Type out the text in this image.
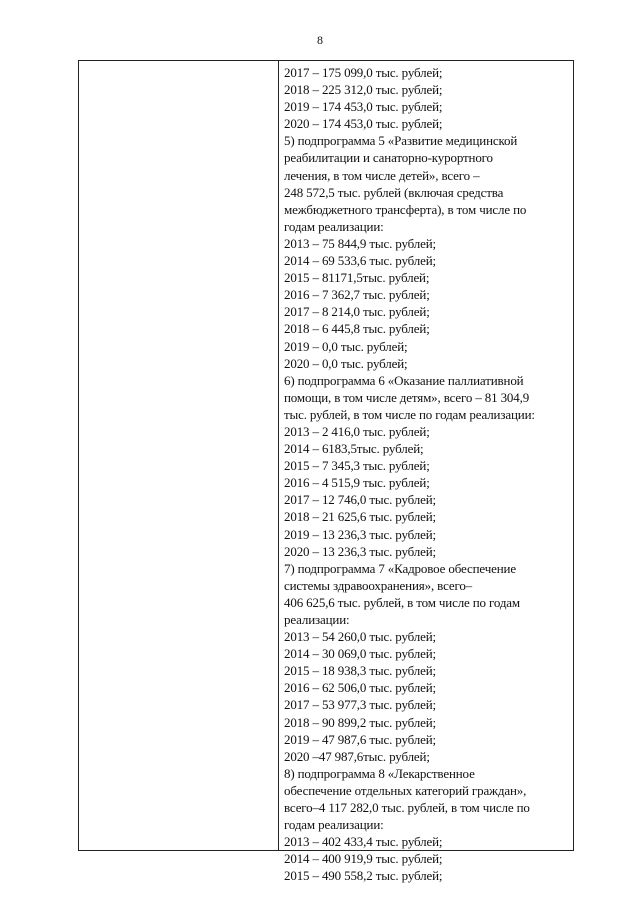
8
2017 – 175 099,0 тыс. рублей;
2018 – 225 312,0 тыс. рублей;
2019 – 174 453,0 тыс. рублей;
2020 – 174 453,0 тыс. рублей;
5) подпрограмма 5 «Развитие медицинской
реабилитации и санаторно-курортного
лечения, в том числе детей», всего –
248 572,5 тыс. рублей (включая средства
межбюджетного трансферта), в том числе по
годам реализации:
2013 – 75 844,9 тыс. рублей;
2014 – 69 533,6 тыс. рублей;
2015 – 81171,5тыс. рублей;
2016 – 7 362,7 тыс. рублей;
2017 – 8 214,0 тыс. рублей;
2018 – 6 445,8 тыс. рублей;
2019 – 0,0 тыс. рублей;
2020 – 0,0 тыс. рублей;
6) подпрограмма 6 «Оказание паллиативной
помощи, в том числе детям», всего – 81 304,9
тыс. рублей, в том числе по годам реализации:
2013 – 2 416,0 тыс. рублей;
2014 – 6183,5тыс. рублей;
2015 – 7 345,3 тыс. рублей;
2016 – 4 515,9 тыс. рублей;
2017 – 12 746,0 тыс. рублей;
2018 – 21 625,6 тыс. рублей;
2019 – 13 236,3 тыс. рублей;
2020 – 13 236,3 тыс. рублей;
7) подпрограмма 7 «Кадровое обеспечение
системы здравоохранения», всего–
406 625,6 тыс. рублей, в том числе по годам
реализации:
2013 – 54 260,0 тыс. рублей;
2014 – 30 069,0 тыс. рублей;
2015 – 18 938,3 тыс. рублей;
2016 – 62 506,0 тыс. рублей;
2017 – 53 977,3 тыс. рублей;
2018 – 90 899,2 тыс. рублей;
2019 – 47 987,6 тыс. рублей;
2020 –47 987,6тыс. рублей;
8) подпрограмма 8 «Лекарственное
обеспечение отдельных категорий граждан»,
всего–4 117 282,0 тыс. рублей, в том числе по
годам реализации:
2013 – 402 433,4 тыс. рублей;
2014 – 400 919,9 тыс. рублей;
2015 – 490 558,2 тыс. рублей;
